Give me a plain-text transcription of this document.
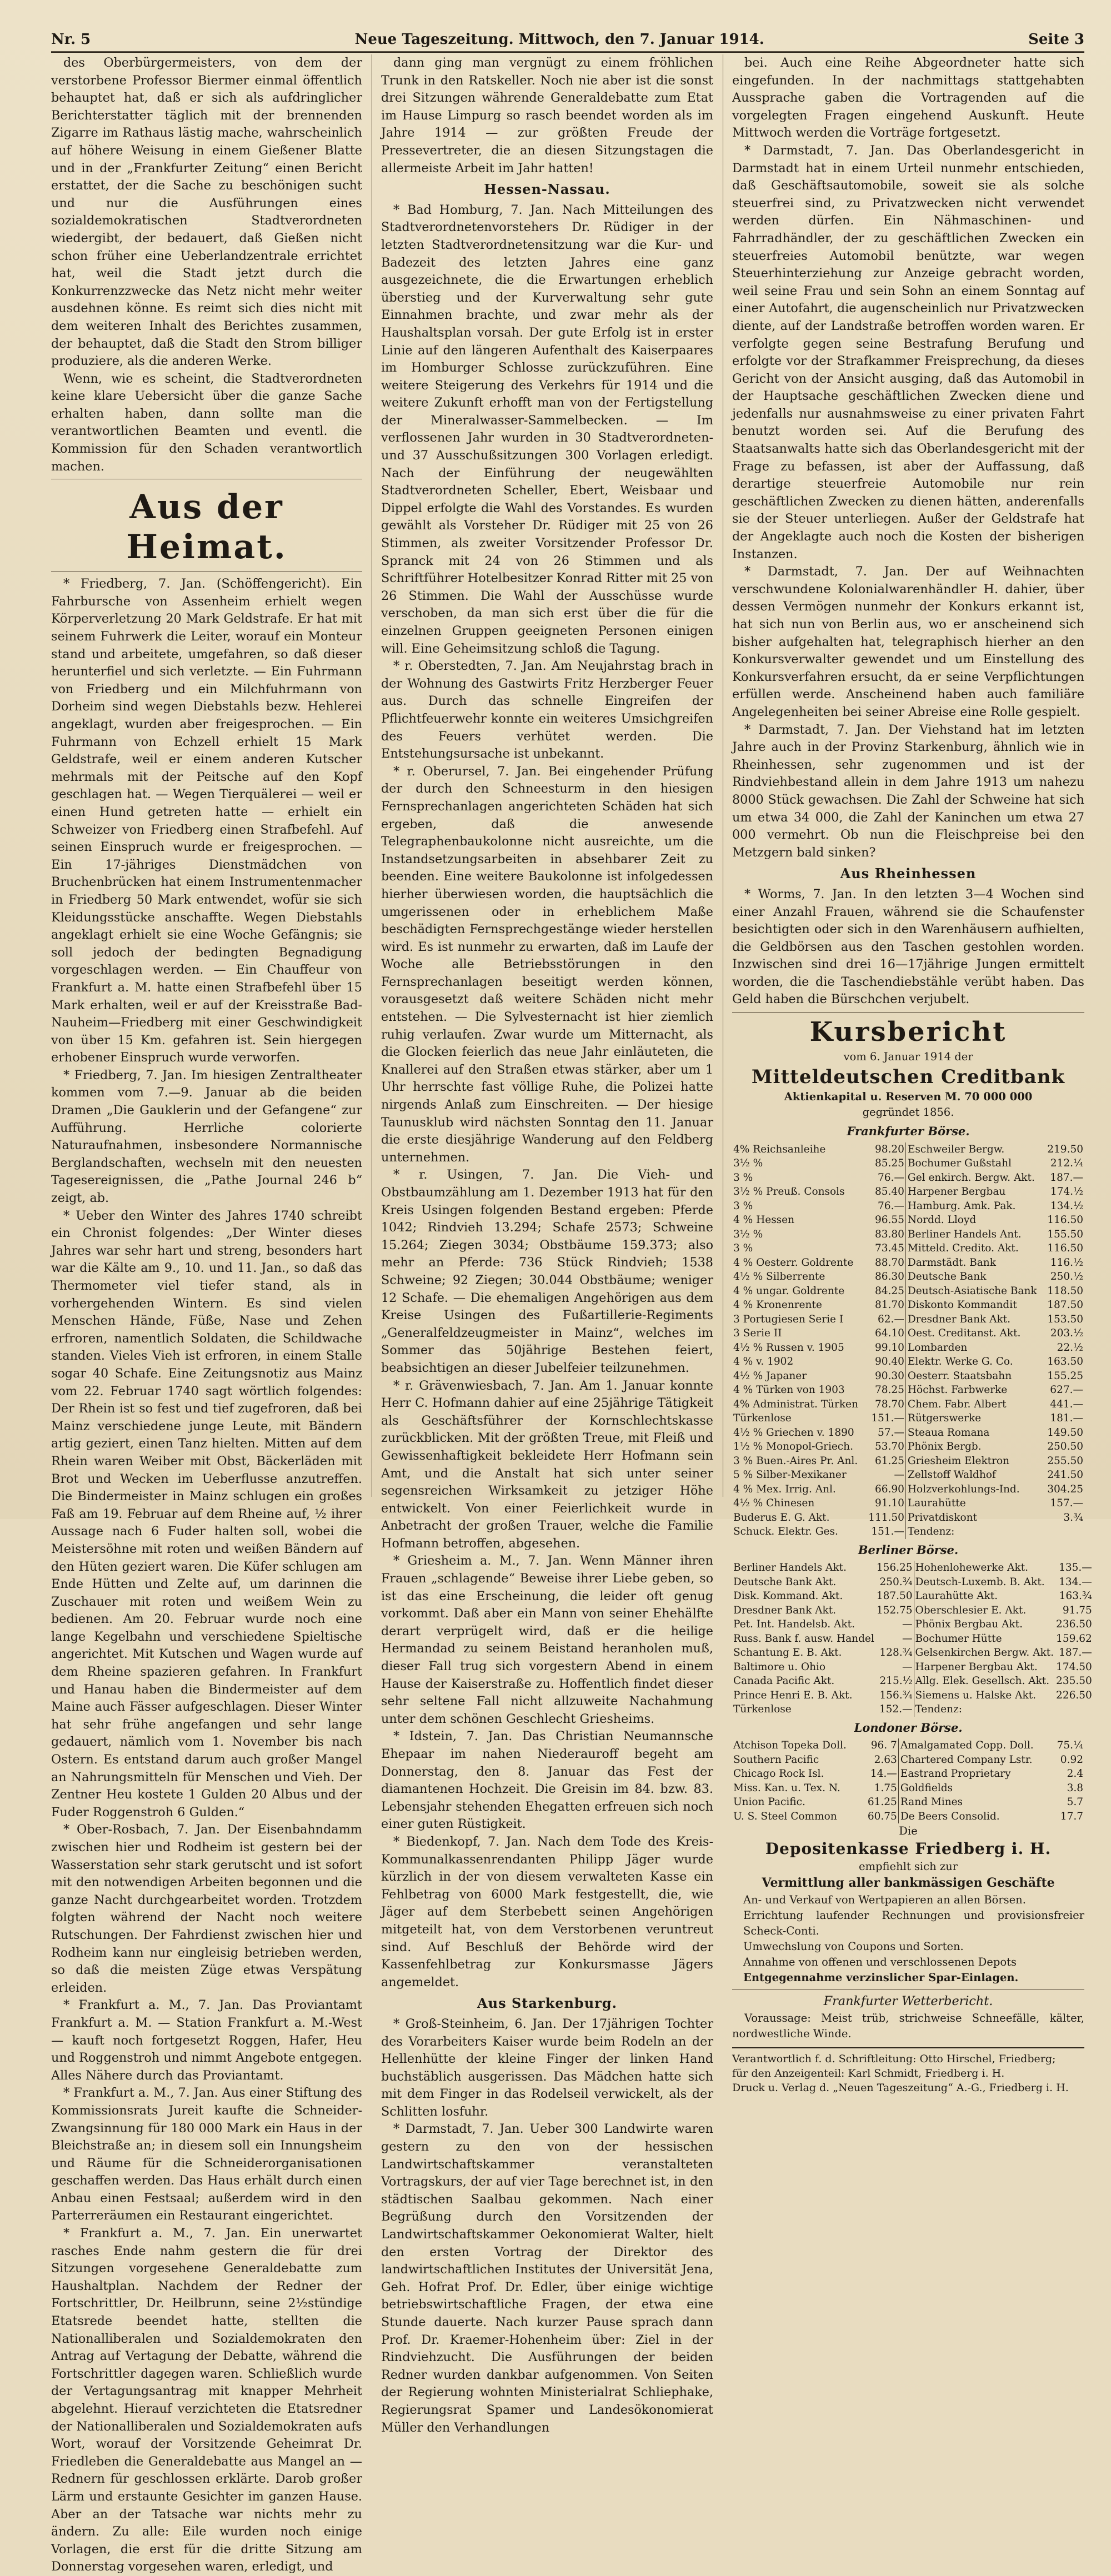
Nr. 5	Neue Tageszeitung. Mittwoch, den 7. Januar 1914.	Seite 3

des Oberbürgermeisters, von dem der verstorbene Professor Biermer einmal öffentlich behauptet hat, daß er sich als aufdringlicher Berichterstatter täglich mit der brennenden Zigarre im Rathaus lästig mache, wahrscheinlich auf höhere Weisung in einem Gießener Blatte und in der „Frankfurter Zeitung“ einen Bericht erstattet, der die Sache zu beschönigen sucht und nur die Ausführungen eines sozialdemokratischen Stadtverordneten wiedergibt, der bedauert, daß Gießen nicht schon früher eine Ueberlandzentrale errichtet hat, weil die Stadt jetzt durch die Konkurrenzzwecke das Netz nicht mehr weiter ausdehnen könne. Es reimt sich dies nicht mit dem weiteren Inhalt des Berichtes zusammen, der behauptet, daß die Stadt den Strom billiger produziere, als die anderen Werke.

Wenn, wie es scheint, die Stadtverordneten keine klare Uebersicht über die ganze Sache erhalten haben, dann sollte man die verantwortlichen Beamten und eventl. die Kommission für den Schaden verantwortlich machen.

Aus der Heimat.

* Friedberg, 7. Jan. (Schöffengericht). Ein Fahrbursche von Assenheim erhielt wegen Körperverletzung 20 Mark Geldstrafe. Er hat mit seinem Fuhrwerk die Leiter, worauf ein Monteur stand und arbeitete, umgefahren, so daß dieser herunterfiel und sich verletzte. — Ein Fuhrmann von Friedberg und ein Milchfuhrmann von Dorheim sind wegen Diebstahls bezw. Hehlerei angeklagt, wurden aber freigesprochen. — Ein Fuhrmann von Echzell erhielt 15 Mark Geldstrafe, weil er einem anderen Kutscher mehrmals mit der Peitsche auf den Kopf geschlagen hat. — Wegen Tierquälerei — weil er einen Hund getreten hatte — erhielt ein Schweizer von Friedberg einen Strafbefehl. Auf seinen Einspruch wurde er freigesprochen. — Ein 17-jähriges Dienstmädchen von Bruchenbrücken hat einem Instrumentenmacher in Friedberg 50 Mark entwendet, wofür sie sich Kleidungsstücke anschaffte. Wegen Diebstahls angeklagt erhielt sie eine Woche Gefängnis; sie soll jedoch der bedingten Begnadigung vorgeschlagen werden. — Ein Chauffeur von Frankfurt a. M. hatte einen Strafbefehl über 15 Mark erhalten, weil er auf der Kreisstraße Bad-Nauheim—Friedberg mit einer Geschwindigkeit von über 15 Km. gefahren ist. Sein hiergegen erhobener Einspruch wurde verworfen.

* Friedberg, 7. Jan. Im hiesigen Zentraltheater kommen vom 7.—9. Januar ab die beiden Dramen „Die Gauklerin und der Gefangene“ zur Aufführung. Herrliche colorierte Naturaufnahmen, insbesondere Normannische Berglandschaften, wechseln mit den neuesten Tagesereignissen, die „Pathe Journal 246 b“ zeigt, ab.

* Ueber den Winter des Jahres 1740 schreibt ein Chronist folgendes: „Der Winter dieses Jahres war sehr hart und streng, besonders hart war die Kälte am 9., 10. und 11. Jan., so daß das Thermometer viel tiefer stand, als in vorhergehenden Wintern. Es sind vielen Menschen Hände, Füße, Nase und Zehen erfroren, namentlich Soldaten, die Schildwache standen. Vieles Vieh ist erfroren, in einem Stalle sogar 40 Schafe. Eine Zeitungsnotiz aus Mainz vom 22. Februar 1740 sagt wörtlich folgendes: Der Rhein ist so fest und tief zugefroren, daß bei Mainz verschiedene junge Leute, mit Bändern artig geziert, einen Tanz hielten. Mitten auf dem Rhein waren Weiber mit Obst, Bäckerläden mit Brot und Wecken im Ueberflusse anzutreffen. Die Bindermeister in Mainz schlugen ein großes Faß am 19. Februar auf dem Rheine auf, ½ ihrer Aussage nach 6 Fuder halten soll, wobei die Meistersöhne mit roten und weißen Bändern auf den Hüten geziert waren. Die Küfer schlugen am Ende Hütten und Zelte auf, um darinnen die Zuschauer mit roten und weißem Wein zu bedienen. Am 20. Februar wurde noch eine lange Kegelbahn und verschiedene Spieltische angerichtet. Mit Kutschen und Wagen wurde auf dem Rheine spazieren gefahren. In Frankfurt und Hanau haben die Bindermeister auf dem Maine auch Fässer aufgeschlagen. Dieser Winter hat sehr frühe angefangen und sehr lange gedauert, nämlich vom 1. November bis nach Ostern. Es entstand darum auch großer Mangel an Nahrungsmitteln für Menschen und Vieh. Der Zentner Heu kostete 1 Gulden 20 Albus und der Fuder Roggenstroh 6 Gulden.“

* Ober-Rosbach, 7. Jan. Der Eisenbahndamm zwischen hier und Rodheim ist gestern bei der Wasserstation sehr stark gerutscht und ist sofort mit den notwendigen Arbeiten begonnen und die ganze Nacht durchgearbeitet worden. Trotzdem folgten während der Nacht noch weitere Rutschungen. Der Fahrdienst zwischen hier und Rodheim kann nur eingleisig betrieben werden, so daß die meisten Züge etwas Verspätung erleiden.

* Frankfurt a. M., 7. Jan. Das Proviantamt Frankfurt a. M. — Station Frankfurt a. M.-West — kauft noch fortgesetzt Roggen, Hafer, Heu und Roggenstroh und nimmt Angebote entgegen. Alles Nähere durch das Proviantamt.

* Frankfurt a. M., 7. Jan. Aus einer Stiftung des Kommissionsrats Jureit kaufte die Schneider-Zwangsinnung für 180 000 Mark ein Haus in der Bleichstraße an; in diesem soll ein Innungsheim und Räume für die Schneiderorganisationen geschaffen werden. Das Haus erhält durch einen Anbau einen Festsaal; außerdem wird in den Parterreräumen ein Restaurant eingerichtet.

* Frankfurt a. M., 7. Jan. Ein unerwartet rasches Ende nahm gestern die für drei Sitzungen vorgesehene Generaldebatte zum Haushaltplan. Nachdem der Redner der Fortschrittler, Dr. Heilbrunn, seine 2½stündige Etatsrede beendet hatte, stellten die Nationalliberalen und Sozialdemokraten den Antrag auf Vertagung der Debatte, während die Fortschrittler dagegen waren. Schließlich wurde der Vertagungsantrag mit knapper Mehrheit abgelehnt. Hierauf verzichteten die Etatsredner der Nationalliberalen und Sozialdemokraten aufs Wort, worauf der Vorsitzende Geheimrat Dr. Friedleben die Generaldebatte aus Mangel an — Rednern für geschlossen erklärte. Darob großer Lärm und erstaunte Gesichter im ganzen Hause. Aber an der Tatsache war nichts mehr zu ändern. Zu alle: Eile wurden noch einige Vorlagen, die erst für die dritte Sitzung am Donnerstag vorgesehen waren, erledigt, und

dann ging man vergnügt zu einem fröhlichen Trunk in den Ratskeller. Noch nie aber ist die sonst drei Sitzungen währende Generaldebatte zum Etat im Hause Limpurg so rasch beendet worden als im Jahre 1914 — zur größten Freude der Pressevertreter, die an diesen Sitzungstagen die allermeiste Arbeit im Jahr hatten!

Hessen-Nassau.

* Bad Homburg, 7. Jan. Nach Mitteilungen des Stadtverordnetenvorstehers Dr. Rüdiger in der letzten Stadtverordnetensitzung war die Kur- und Badezeit des letzten Jahres eine ganz ausgezeichnete, die die Erwartungen erheblich überstieg und der Kurverwaltung sehr gute Einnahmen brachte, und zwar mehr als der Haushaltsplan vorsah. Der gute Erfolg ist in erster Linie auf den längeren Aufenthalt des Kaiserpaares im Homburger Schlosse zurückzuführen. Eine weitere Steigerung des Verkehrs für 1914 und die weitere Zukunft erhofft man von der Fertigstellung der Mineralwasser-Sammelbecken. — Im verflossenen Jahr wurden in 30 Stadtverordneten- und 37 Ausschußsitzungen 300 Vorlagen erledigt. Nach der Einführung der neugewählten Stadtverordneten Scheller, Ebert, Weisbaar und Dippel erfolgte die Wahl des Vorstandes. Es wurden gewählt als Vorsteher Dr. Rüdiger mit 25 von 26 Stimmen, als zweiter Vorsitzender Professor Dr. Spranck mit 24 von 26 Stimmen und als Schriftführer Hotelbesitzer Konrad Ritter mit 25 von 26 Stimmen. Die Wahl der Ausschüsse wurde verschoben, da man sich erst über die für die einzelnen Gruppen geeigneten Personen einigen will. Eine Geheimsitzung schloß die Tagung.

* r. Oberstedten, 7. Jan. Am Neujahrstag brach in der Wohnung des Gastwirts Fritz Herzberger Feuer aus. Durch das schnelle Eingreifen der Pflichtfeuerwehr konnte ein weiteres Umsichgreifen des Feuers verhütet werden. Die Entstehungsursache ist unbekannt.

* r. Oberursel, 7. Jan. Bei eingehender Prüfung der durch den Schneesturm in den hiesigen Fernsprechanlagen angerichteten Schäden hat sich ergeben, daß die anwesende Telegraphenbaukolonne nicht ausreichte, um die Instandsetzungsarbeiten in absehbarer Zeit zu beenden. Eine weitere Baukolonne ist infolgedessen hierher überwiesen worden, die hauptsächlich die umgerissenen oder in erheblichem Maße beschädigten Fernsprechgestänge wieder herstellen wird. Es ist nunmehr zu erwarten, daß im Laufe der Woche alle Betriebsstörungen in den Fernsprechanlagen beseitigt werden können, vorausgesetzt daß weitere Schäden nicht mehr entstehen. — Die Sylvesternacht ist hier ziemlich ruhig verlaufen. Zwar wurde um Mitternacht, als die Glocken feierlich das neue Jahr einläuteten, die Knallerei auf den Straßen etwas stärker, aber um 1 Uhr herrschte fast völlige Ruhe, die Polizei hatte nirgends Anlaß zum Einschreiten. — Der hiesige Taunusklub wird nächsten Sonntag den 11. Januar die erste diesjährige Wanderung auf den Feldberg unternehmen.

* r. Usingen, 7. Jan. Die Vieh- und Obstbaumzählung am 1. Dezember 1913 hat für den Kreis Usingen folgenden Bestand ergeben: Pferde 1042; Rindvieh 13.294; Schafe 2573; Schweine 15.264; Ziegen 3034; Obstbäume 159.373; also mehr an Pferde: 736 Stück Rindvieh; 1538 Schweine; 92 Ziegen; 30.044 Obstbäume; weniger 12 Schafe. — Die ehemaligen Angehörigen aus dem Kreise Usingen des Fußartillerie-Regiments „Generalfeldzeugmeister in Mainz“, welches im Sommer das 50jährige Bestehen feiert, beabsichtigen an dieser Jubelfeier teilzunehmen.

* r. Grävenwiesbach, 7. Jan. Am 1. Januar konnte Herr C. Hofmann dahier auf eine 25jährige Tätigkeit als Geschäftsführer der Kornschlechtskasse zurückblicken. Mit der größten Treue, mit Fleiß und Gewissenhaftigkeit bekleidete Herr Hofmann sein Amt, und die Anstalt hat sich unter seiner segensreichen Wirksamkeit zu jetziger Höhe entwickelt. Von einer Feierlichkeit wurde in Anbetracht der großen Trauer, welche die Familie Hofmann betroffen, abgesehen.

* Griesheim a. M., 7. Jan. Wenn Männer ihren Frauen „schlagende“ Beweise ihrer Liebe geben, so ist das eine Erscheinung, die leider oft genug vorkommt. Daß aber ein Mann von seiner Ehehälfte derart verprügelt wird, daß er die heilige Hermandad zu seinem Beistand heranholen muß, dieser Fall trug sich vorgestern Abend in einem Hause der Kaiserstraße zu. Hoffentlich findet dieser sehr seltene Fall nicht allzuweite Nachahmung unter dem schönen Geschlecht Griesheims.

* Idstein, 7. Jan. Das Christian Neumannsche Ehepaar im nahen Niederauroff begeht am Donnerstag, den 8. Januar das Fest der diamantenen Hochzeit. Die Greisin im 84. bzw. 83. Lebensjahr stehenden Ehegatten erfreuen sich noch einer guten Rüstigkeit.

* Biedenkopf, 7. Jan. Nach dem Tode des Kreis-Kommunalkassenrendanten Philipp Jäger wurde kürzlich in der von diesem verwalteten Kasse ein Fehlbetrag von 6000 Mark festgestellt, die, wie Jäger auf dem Sterbebett seinen Angehörigen mitgeteilt hat, von dem Verstorbenen veruntreut sind. Auf Beschluß der Behörde wird der Kassenfehlbetrag zur Konkursmasse Jägers angemeldet.

Aus Starkenburg.

* Groß-Steinheim, 6. Jan. Der 17jährigen Tochter des Vorarbeiters Kaiser wurde beim Rodeln an der Hellenhütte der kleine Finger der linken Hand buchstäblich ausgerissen. Das Mädchen hatte sich mit dem Finger in das Rodelseil verwickelt, als der Schlitten losfuhr.

* Darmstadt, 7. Jan. Ueber 300 Landwirte waren gestern zu den von der hessischen Landwirtschaftskammer veranstalteten Vortragskurs, der auf vier Tage berechnet ist, in den städtischen Saalbau gekommen. Nach einer Begrüßung durch den Vorsitzenden der Landwirtschaftskammer Oekonomierat Walter, hielt den ersten Vortrag der Direktor des landwirtschaftlichen Institutes der Universität Jena, Geh. Hofrat Prof. Dr. Edler, über einige wichtige betriebswirtschaftliche Fragen, der etwa eine Stunde dauerte. Nach kurzer Pause sprach dann Prof. Dr. Kraemer-Hohenheim über: Ziel in der Rindviehzucht. Die Ausführungen der beiden Redner wurden dankbar aufgenommen. Von Seiten der Regierung wohnten Ministerialrat Schliephake, Regierungsrat Spamer und Landesökonomierat Müller den Verhandlungen

bei. Auch eine Reihe Abgeordneter hatte sich eingefunden. In der nachmittags stattgehabten Aussprache gaben die Vortragenden auf die vorgelegten Fragen eingehend Auskunft. Heute Mittwoch werden die Vorträge fortgesetzt.

* Darmstadt, 7. Jan. Das Oberlandesgericht in Darmstadt hat in einem Urteil nunmehr entschieden, daß Geschäftsautomobile, soweit sie als solche steuerfrei sind, zu Privatzwecken nicht verwendet werden dürfen. Ein Nähmaschinen- und Fahrradhändler, der zu geschäftlichen Zwecken ein steuerfreies Automobil benützte, war wegen Steuerhinterziehung zur Anzeige gebracht worden, weil seine Frau und sein Sohn an einem Sonntag auf einer Autofahrt, die augenscheinlich nur Privatzwecken diente, auf der Landstraße betroffen worden waren. Er verfolgte gegen seine Bestrafung Berufung und erfolgte vor der Strafkammer Freisprechung, da dieses Gericht von der Ansicht ausging, daß das Automobil in der Hauptsache geschäftlichen Zwecken diene und jedenfalls nur ausnahmsweise zu einer privaten Fahrt benutzt worden sei. Auf die Berufung des Staatsanwalts hatte sich das Oberlandesgericht mit der Frage zu befassen, ist aber der Auffassung, daß derartige steuerfreie Automobile nur rein geschäftlichen Zwecken zu dienen hätten, anderenfalls sie der Steuer unterliegen. Außer der Geldstrafe hat der Angeklagte auch noch die Kosten der bisherigen Instanzen.

* Darmstadt, 7. Jan. Der auf Weihnachten verschwundene Kolonialwarenhändler H. dahier, über dessen Vermögen nunmehr der Konkurs erkannt ist, hat sich nun von Berlin aus, wo er anscheinend sich bisher aufgehalten hat, telegraphisch hierher an den Konkursverwalter gewendet und um Einstellung des Konkursverfahren ersucht, da er seine Verpflichtungen erfüllen werde. Anscheinend haben auch familiäre Angelegenheiten bei seiner Abreise eine Rolle gespielt.

* Darmstadt, 7. Jan. Der Viehstand hat im letzten Jahre auch in der Provinz Starkenburg, ähnlich wie in Rheinhessen, sehr zugenommen und ist der Rindviehbestand allein in dem Jahre 1913 um nahezu 8000 Stück gewachsen. Die Zahl der Schweine hat sich um etwa 34 000, die Zahl der Kaninchen um etwa 27 000 vermehrt. Ob nun die Fleischpreise bei den Metzgern bald sinken?

Aus Rheinhessen

* Worms, 7. Jan. In den letzten 3—4 Wochen sind einer Anzahl Frauen, während sie die Schaufenster besichtigten oder sich in den Warenhäusern aufhielten, die Geldbörsen aus den Taschen gestohlen worden. Inzwischen sind drei 16—17jährige Jungen ermittelt worden, die die Taschendiebstähle verübt haben. Das Geld haben die Bürschchen verjubelt.

Kursbericht

vom 6. Januar 1914 der

Mitteldeutschen Creditbank

Aktienkapital u. Reserven M. 70 000 000

gegründet 1856.

Frankfurter Börse.

4% Reichsanleihe	98.20		Eschweiler Bergw.	219.50
3½ %	85.25		Bochumer Gußstahl	212.¼
3 %	76.—		Gel enkirch. Bergw. Akt.	187.—
3½ % Preuß. Consols	85.40		Harpener Bergbau	174.½
3 %	76.—		Hamburg. Amk. Pak.	134.½
4 % Hessen	96.55		Nordd. Lloyd	116.50
3½ %	83.80		Berliner Handels Ant.	155.50
3 %	73.45		Mitteld. Credito. Akt.	116.50
4 % Oesterr. Goldrente	88.70		Darmstädt. Bank	116.½
4½ % Silberrente	86.30		Deutsche Bank	250.½
4 % ungar. Goldrente	84.25		Deutsch-Asiatische Bank	118.50
4 % Kronenrente	81.70		Diskonto Kommandit	187.50
3 Portugiesen Serie I	62.—		Dresdner Bank Akt.	153.50
3 Serie II	64.10		Oest. Creditanst. Akt.	203.½
4½ % Russen v. 1905	99.10		Lombarden	22.½
4 % v. 1902	90.40		Elektr. Werke G. Co.	163.50
4½ % Japaner	90.30		Oesterr. Staatsbahn	155.25
4 % Türken von 1903	78.25		Höchst. Farbwerke	627.—
4% Administrat. Türken	78.70		Chem. Fabr. Albert	441.—
Türkenlose	151.—		Rütgerswerke	181.—
4½ % Griechen v. 1890	57.—		Steaua Romana	149.50
1½ % Monopol-Griech.	53.70		Phönix Bergb.	250.50
3 % Buen.-Aires Pr. Anl.	61.25		Griesheim Elektron	255.50
5 % Silber-Mexikaner	—		Zellstoff Waldhof	241.50
4 % Mex. Irrig. Anl.	66.90		Holzverkohlungs-Ind.	304.25
4½ % Chinesen	91.10		Laurahütte	157.—
Buderus E. G. Akt.	111.50		Privatdiskont	3.¾
Schuck. Elektr. Ges.	151.—		Tendenz:	

Berliner Börse.

Berliner Handels Akt.	156.25		Hohenlohewerke Akt.	135.—
Deutsche Bank Akt.	250.¾		Deutsch-Luxemb. B. Akt.	134.—
Disk. Kommand. Akt.	187.50		Laurahütte Akt.	163.¾
Dresdner Bank Akt.	152.75		Oberschlesier E. Akt.	91.75
Pet. Int. Handelsb. Akt.	—		Phönix Bergbau Akt.	236.50
Russ. Bank f. ausw. Handel	—		Bochumer Hütte	159.62
Schantung E. B. Akt.	128.¾		Gelsenkirchen Bergw. Akt.	187.—
Baltimore u. Ohio	—		Harpener Bergbau Akt.	174.50
Canada Pacific Akt.	215.½		Allg. Elek. Gesellsch. Akt.	235.50
Prince Henri E. B. Akt.	156.¾		Siemens u. Halske Akt.	226.50
Türkenlose	152.—		Tendenz:	

Londoner Börse.

Atchison Topeka Doll.	96. 7		Amalgamated Copp. Doll.	75.¼
Southern Pacific	2.63		Chartered Company Lstr.	0.92
Chicago Rock Isl.	14.—		Eastrand Proprietary	2.4
Miss. Kan. u. Tex. N.	1.75		Goldfields	3.8
Union Pacific.	61.25		Rand Mines	5.7
U. S. Steel Common	60.75		De Beers Consolid.	17.7

Die

Depositenkasse Friedberg i. H.

empfiehlt sich zur

Vermittlung aller bankmässigen Geschäfte

An- und Verkauf von Wertpapieren an allen Börsen.

Errichtung laufender Rechnungen und provisionsfreier Scheck-Conti.

Umwechslung von Coupons und Sorten.

Annahme von offenen und verschlossenen Depots

Entgegennahme verzinslicher Spar-Einlagen.

Frankfurter Wetterbericht.

Voraussage: Meist trüb, strichweise Schneefälle, kälter, nordwestliche Winde.

Verantwortlich f. d. Schriftleitung: Otto Hirschel, Friedberg;
für den Anzeigenteil: Karl Schmidt, Friedberg i. H.
Druck u. Verlag d. „Neuen Tageszeitung“ A.-G., Friedberg i. H.
